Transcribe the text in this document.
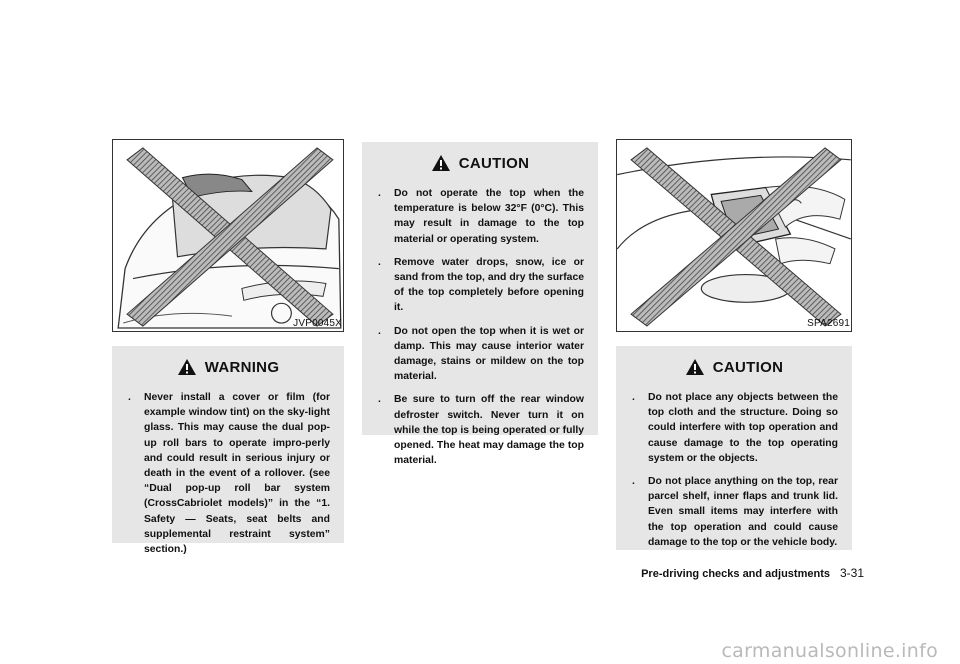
JVP0045X
WARNING
. Never install a cover or film (for example window tint) on the sky-light glass. This may cause the dual pop-up roll bars to operate impro-perly and could result in serious injury or death in the event of a rollover. (see “Dual pop-up roll bar system (CrossCabriolet models)” in the “1. Safety — Seats, seat belts and supplemental restraint system” section.)
CAUTION
. Do not operate the top when the temperature is below 32°F (0°C). This may result in damage to the top material or operating system.
. Remove water drops, snow, ice or sand from the top, and dry the surface of the top completely before opening it.
. Do not open the top when it is wet or damp. This may cause interior water damage, stains or mildew on the top material.
. Be sure to turn off the rear window defroster switch. Never turn it on while the top is being operated or fully opened. The heat may damage the top material.
SPA2691
CAUTION
. Do not place any objects between the top cloth and the structure. Doing so could interfere with top operation and cause damage to the top operating system or the objects.
. Do not place anything on the top, rear parcel shelf, inner flaps and trunk lid. Even small items may interfere with the top operation and could cause damage to the top or the vehicle body.
Pre-driving checks and adjustments 3-31
carmanualsonline.info
